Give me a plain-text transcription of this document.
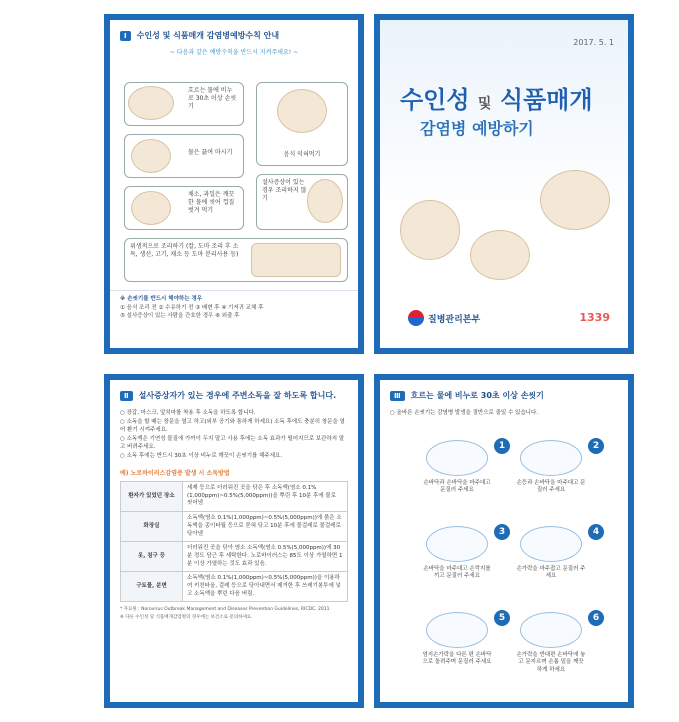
Ⅰ	수인성 및 식품매개 감염병예방수칙 안내
~ 다음과 같은 예방수칙을 반드시 지켜주세요! ~
흐르는 물에 비누로 30초 이상 손씻기
음식 익혀먹기
물은 끓여 마시기
채소, 과일은 깨끗한 물에 씻어 껍질 벗겨 먹기
설사증상이 있는 경우 조리하지 않기
위생적으로 조리하기 (칼, 도마 조리 후 소독, 생선, 고기, 채소 등 도마 분리사용 등)
※ 손씻기를 반드시 해야하는 경우
① 음식 조리 전 ② 수유하기 전 ③ 배변 후 ④ 기저귀 교체 후
⑤ 설사증상이 있는 사람을 간호한 경우 ⑥ 외출 후
2017. 5. 1
수인성 및 식품매개
감염병 예방하기
질병관리본부	1339
Ⅱ	설사증상자가 있는 경우에 주변소독을 잘 하도록 합니다.
○ 장갑, 마스크, 앞치마를 착용 후 소독을 하도록 합니다.
○ 소독을 할 때는 창문을 열고 하고(외부 공기와 통하게 하세요) 소독 후에도 충분히 창문을 열어 환기 시켜주세요.
○ 소독액은 기연성 물질에 가까이 두지 말고 사용 후에는 소독 효과가 떨어지므로 보관하지 말고 버려주세요.
○ 소독 후에는 반드시 30초 이상 비누로 깨끗이 손씻기를 해주세요.
예) 노로바이러스감염증 발생 시 소독방법
환자가 있었던 장소	세제 등으로 더러워진 곳을 닦은 후 소독액(염소 0.1% (1,000ppm)~0.5%(5,000ppm))을 뿌린 후 10분 후에 물로 씻어냄
화장실	소독액(염소 0.1%(1,000ppm)~0.5%(5,000ppm))에 묽은 소독액을 종이타월 등으로 묻혀 닦고 10분 후에 물걸레로 물걸레로 닦아냄
옷, 침구 등	더러워진 곳을 닦아 염소 소독액(염소 0.5%(5,000ppm))에 30분 정도 담근 후 세탁한다. 노로바이러스는 85도 이상 가열하면 1분 이상 가열하는 것도 효과 있음.
구토물, 분변	소독액(염소 0.1%(1,000ppm)~0.5%(5,000ppm))을 이용하여 키친타올, 걸레 등으로 닦아내면서 제거한 후 쓰레기봉투에 넣고 소독액을 뿌린 다음 버림.
* 자료원 : Norovirus Outbreak Management and Diseases Prevention Guidelines, RICDC, 2011
※ 다른 수인성 및 식품매개감염병의 경우에는 보건소로 문의하세요.
Ⅲ	흐르는 물에 비누로 30초 이상 손씻기
○ 올바른 손씻기는 감염병 발생을 절반으로 줄일 수 있습니다.
1
손바닥과 손바닥을 마주대고 문질러 주세요
2
손등과 손바닥을 마주대고 문질러 주세요
3
손바닥을 마주대고 손깍지를 끼고 문질러 주세요
4
손가락을 마주잡고 문질러 주세요
5
엄지손가락을 다른 편 손바닥으로 돌려주며 문질러 주세요
6
손가락을 반대편 손바닥에 놓고 문지르며 손톱 밑을 깨끗하게 하세요
